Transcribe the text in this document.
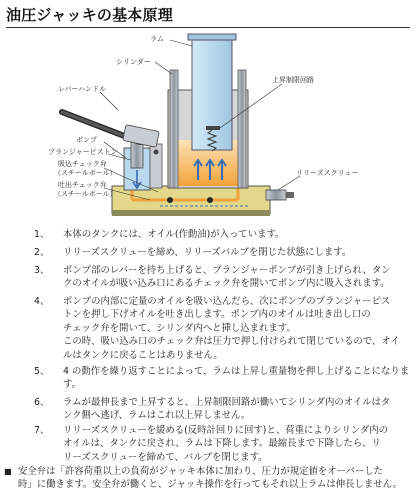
油圧ジャッキの基本原理
ラム
シリンダー
レバーハンドル
上昇制限回路
ポンプ
プランジャーピストン
吸込チェック弁
（スチールボール）
吐出チェック弁
（スチールボール）
リリーズスクリュー
1、 本体のタンクには、オイル(作動油)が入っています。
2、 リリーズスクリューを締め、リリーズバルブを閉じた状態にします。
3、 ポンプ部のレバーを持ち上げると、プランジャーポンプが引き上げられ、タン
クのオイルが吸い込み口にあるチェック弁を開いてポンプ内に吸入されます。
4、 ポンプの内部に定量のオイルを吸い込んだら、次にポンプのプランジャーピス
トンを押し下げオイルを吐き出します。ポンプ内のオイルは吐き出し口の
チェック弁を開いて、シリンダ内へと挿し込まれます。
この時、吸い込み口のチェック弁は圧力で押し付けられて閉じているので、オイ
ルはタンクに戻ることはありません。
5、 4 の動作を繰り返すことによって、ラムは上昇し重量物を押し上げることになりま
す。
6、 ラムが最伸長まで上昇すると、上昇制限回路が働いてシリンダ内のオイルはタ
ンク側へ逃げ、ラムはこれ以上昇しません。
7、 リリーズスクリューを緩める(反時計回りに回す)と、荷重によりシリンダ内の
オイルは、タンクに戻され、ラムは下降します。最縮長まで下降したら、リ
リーズスクリューを締めて、バルブを閉じます。
■ 安全弁は「許容荷重以上の負荷がジャッキ本体に加わり、圧力が規定値をオーバーした
時」に働きます。安全弁が働くと、ジャッキ操作を行ってもそれ以上ラムは伸長しません。
